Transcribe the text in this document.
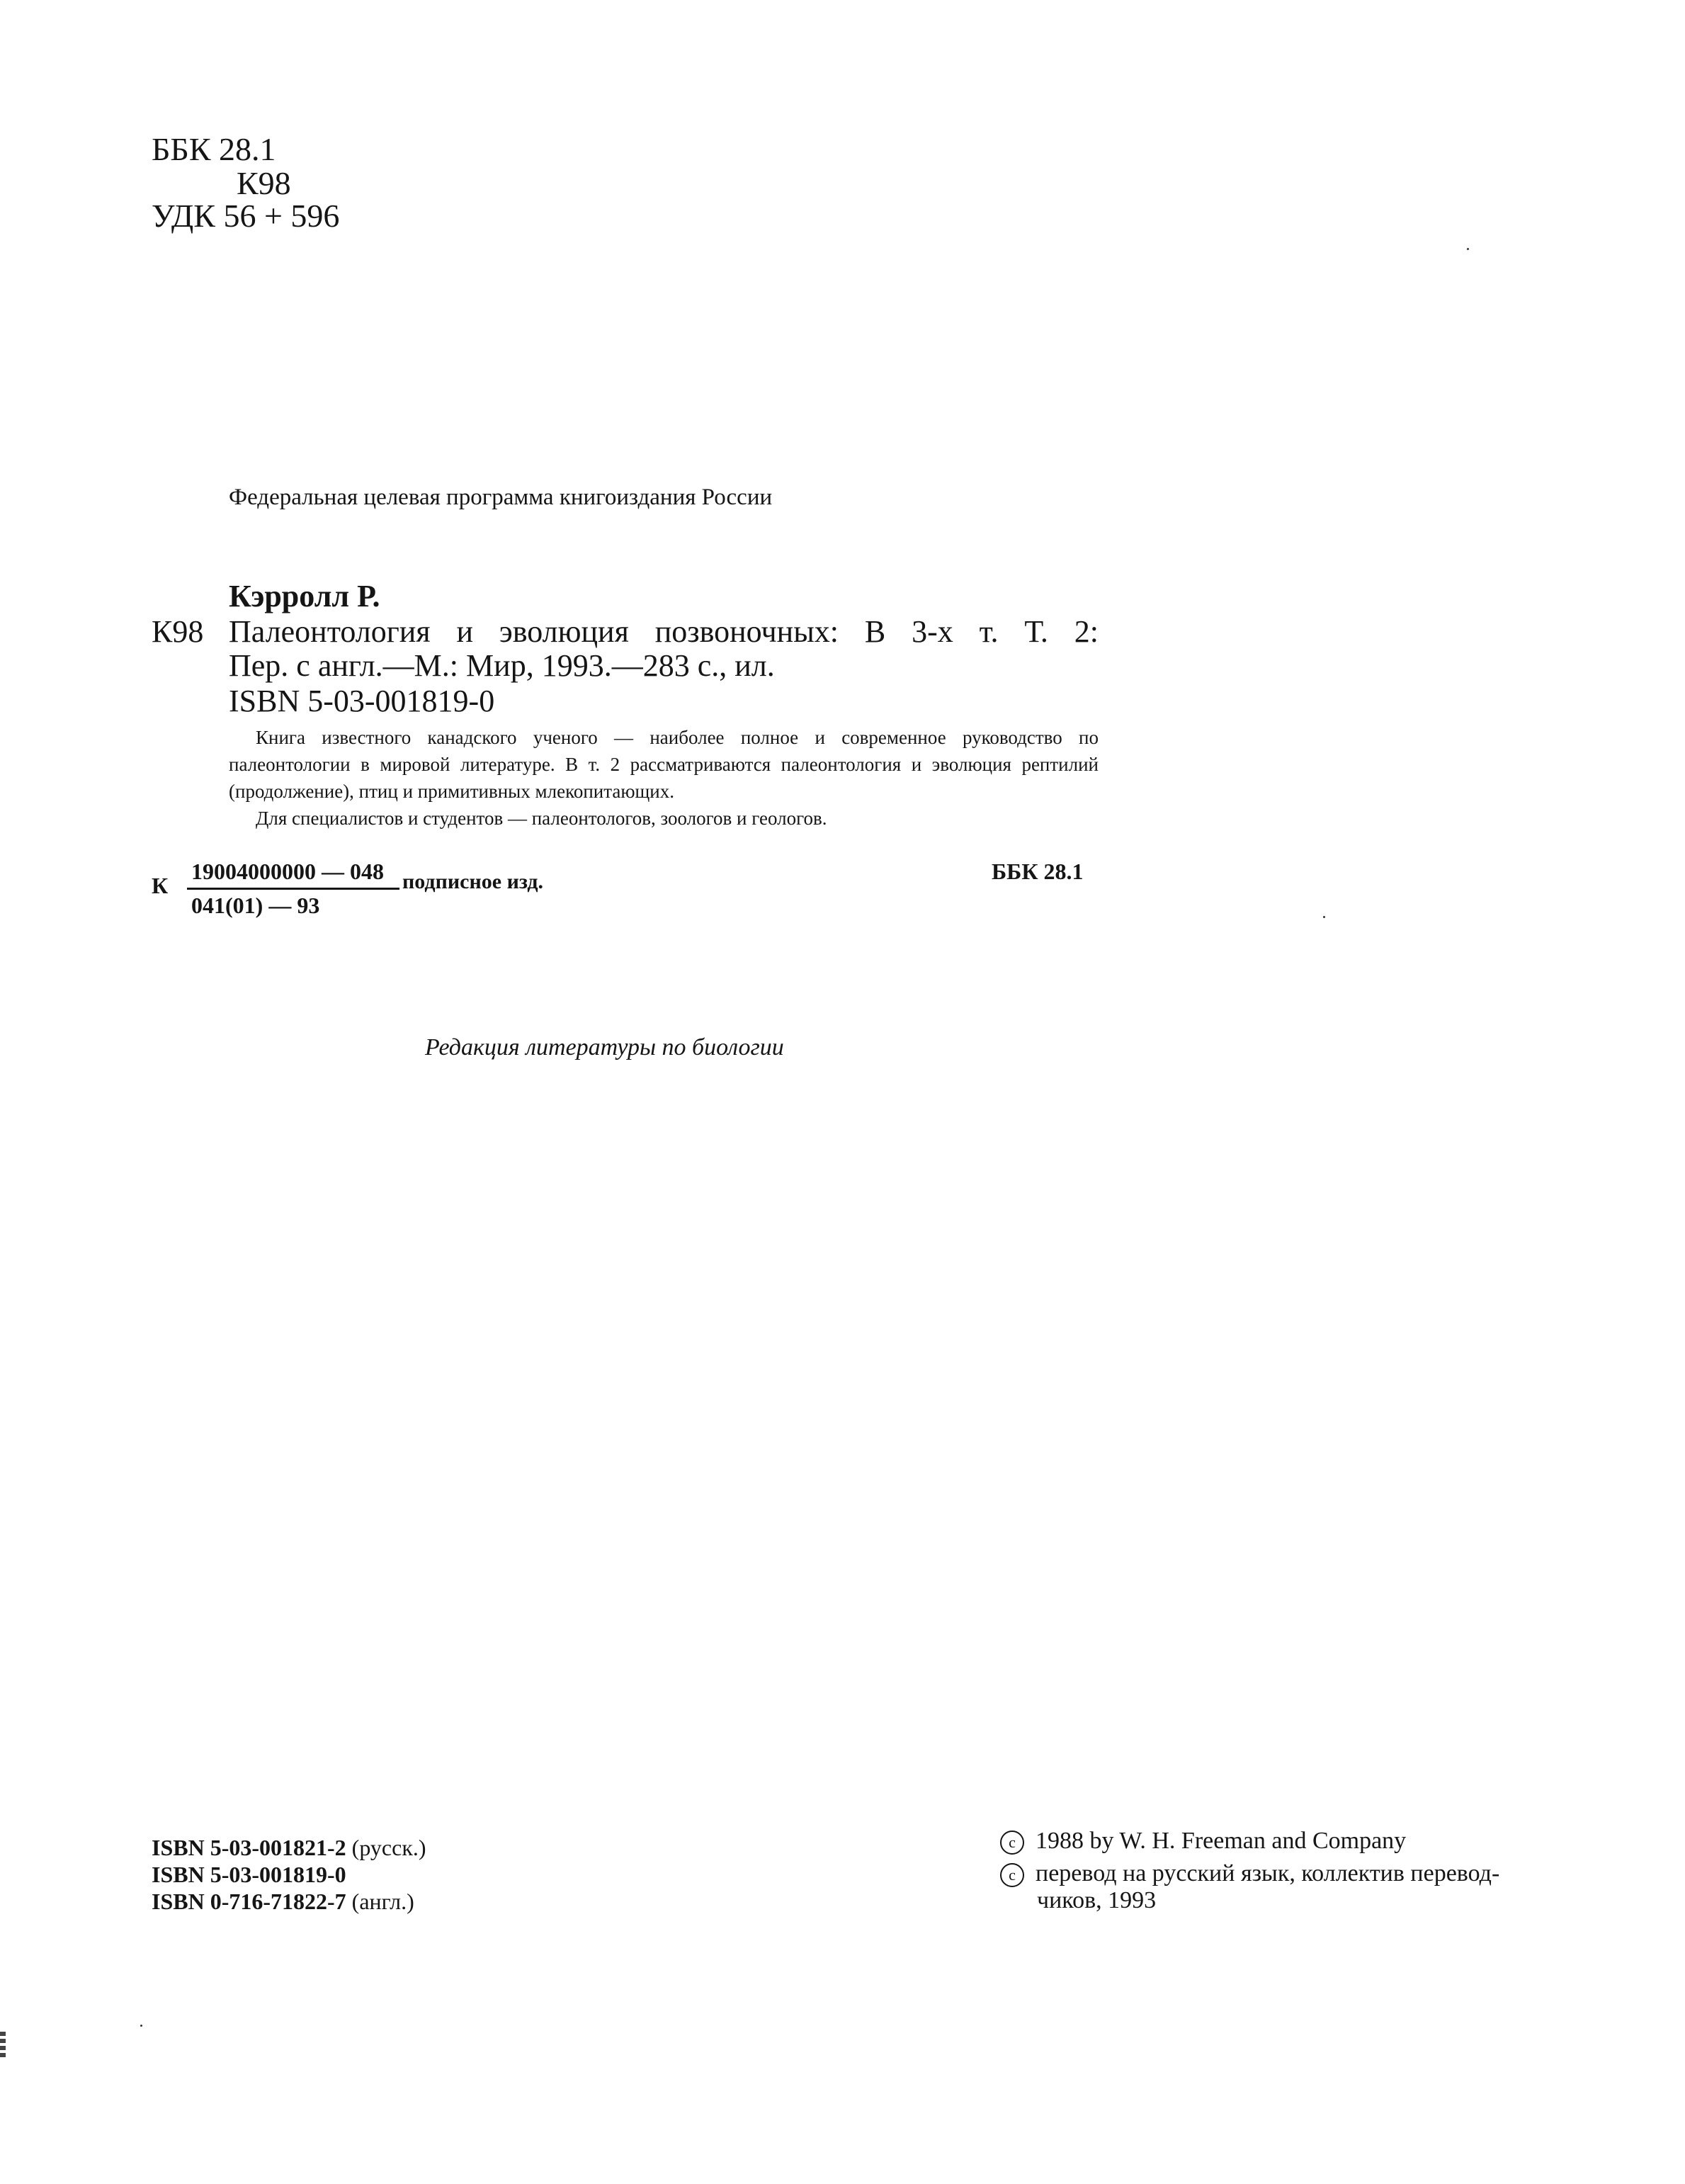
ББК 28.1
К98
УДК 56 + 596
Федеральная целевая программа книгоиздания России
Кэрролл Р.
К98 Палеонтология и эволюция позвоночных: В 3-х т. Т. 2:
Пер. с англ.—М.: Мир, 1993.—283 с., ил.
ISBN 5-03-001819-0

Книга известного канадского ученого — наиболее полное и современное руководство по палеонтологии в мировой литературе. В т. 2 рассматриваются палеонтология и эволюция рептилий (продолжение), птиц и примитивных млекопитающих.

Для специалистов и студентов — палеонтологов, зоологов и геологов.

К
19004000000 — 048
041(01) — 93
подписное изд.	ББК 28.1
Редакция литературы по биологии
ISBN 5-03-001821-2 (русск.)
ISBN 5-03-001819-0
ISBN 0-716-71822-7 (англ.)
c 1988 by W. H. Freeman and Company
c перевод на русский язык, коллектив перевод-
чиков, 1993
